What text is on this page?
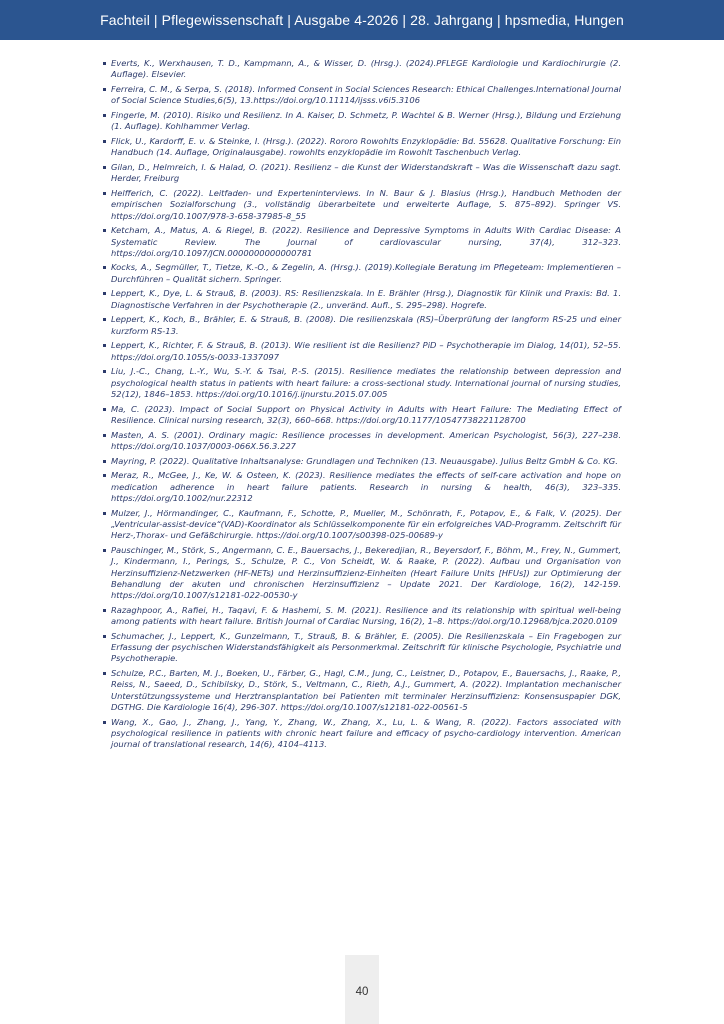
Fachteil | Pflegewissenschaft | Ausgabe 4-2026 | 28. Jahrgang | hpsmedia, Hungen
Everts, K., Werxhausen, T. D., Kampmann, A., & Wisser, D. (Hrsg.). (2024).PFLEGE Kardiologie und Kardiochirurgie (2. Auflage). Elsevier.
Ferreira, C. M., & Serpa, S. (2018). Informed Consent in Social Sciences Research: Ethical Challenges.International Journal of Social Science Studies,6(5), 13.https://doi.org/10.11114/ijsss.v6i5.3106
Fingerle, M. (2010). Risiko und Resilienz. In A. Kaiser, D. Schmetz, P. Wachtel & B. Werner (Hrsg.), Bildung und Erziehung (1. Auflage). Kohlhammer Verlag.
Flick, U., Kardorff, E. v. & Steinke, I. (Hrsg.). (2022). Rororo Rowohlts Enzyklopädie: Bd. 55628. Qualitative Forschung: Ein Handbuch (14. Auflage, Originalausgabe). rowohlts enzyklopädie im Rowohlt Taschenbuch Verlag.
Gilan, D., Helmreich, I. & Halad, O. (2021). Resilienz – die Kunst der Widerstandskraft – Was die Wissenschaft dazu sagt. Herder, Freiburg
Helfferich, C. (2022). Leitfaden- und Experteninterviews. In N. Baur & J. Blasius (Hrsg.), Handbuch Methoden der empirischen Sozialforschung (3., vollständig überarbeitete und erweiterte Auflage, S. 875–892). Springer VS. https://doi.org/10.1007/978-3-658-37985-8_55
Ketcham, A., Matus, A. & Riegel, B. (2022). Resilience and Depressive Symptoms in Adults With Cardiac Disease: A Systematic Review. The Journal of cardiovascular nursing, 37(4), 312–323. https://doi.org/10.1097/JCN.0000000000000781
Kocks, A., Segmüller, T., Tietze, K.-O., & Zegelin, A. (Hrsg.). (2019).Kollegiale Beratung im Pflegeteam: Implementieren – Durchführen – Qualität sichern. Springer.
Leppert, K., Dye, L. & Strauß, B. (2003). RS: Resilienzskala. In E. Brähler (Hrsg.), Diagnostik für Klinik und Praxis: Bd. 1. Diagnostische Verfahren in der Psychotherapie (2., unveränd. Aufl., S. 295–298). Hogrefe.
Leppert, K., Koch, B., Brähler, E. & Strauß, B. (2008). Die resilienzskala (RS)–Überprüfung der langform RS-25 und einer kurzform RS-13.
Leppert, K., Richter, F. & Strauß, B. (2013). Wie resilient ist die Resilienz? PiD – Psychotherapie im Dialog, 14(01), 52–55. https://doi.org/10.1055/s-0033-1337097
Liu, J.-C., Chang, L.-Y., Wu, S.-Y. & Tsai, P.-S. (2015). Resilience mediates the relationship between depression and psychological health status in patients with heart failure: a cross-sectional study. International journal of nursing studies, 52(12), 1846–1853. https://doi.org/10.1016/j.ijnurstu.2015.07.005
Ma, C. (2023). Impact of Social Support on Physical Activity in Adults with Heart Failure: The Mediating Effect of Resilience. Clinical nursing research, 32(3), 660–668. https://doi.org/10.1177/10547738221128700
Masten, A. S. (2001). Ordinary magic: Resilience processes in development. American Psychologist, 56(3), 227–238. https://doi.org/10.1037/0003-066X.56.3.227
Mayring, P. (2022). Qualitative Inhaltsanalyse: Grundlagen und Techniken (13. Neuausgabe). Julius Beltz GmbH & Co. KG.
Meraz, R., McGee, J., Ke, W. & Osteen, K. (2023). Resilience mediates the effects of self-care activation and hope on medication adherence in heart failure patients. Research in nursing & health, 46(3), 323–335. https://doi.org/10.1002/nur.22312
Mulzer, J., Hörmandinger, C., Kaufmann, F., Schotte, P., Mueller, M., Schönrath, F., Potapov, E., & Falk, V. (2025). Der „Ventricular-assist-device“(VAD)-Koordinator als Schlüsselkomponente für ein erfolgreiches VAD-Programm. Zeitschrift für Herz-,Thorax- und Gefäßchirurgie. https://doi.org/10.1007/s00398-025-00689-y
Pauschinger, M., Störk, S., Angermann, C. E., Bauersachs, J., Bekeredjian, R., Beyersdorf, F., Böhm, M., Frey, N., Gummert, J., Kindermann, I., Perings, S., Schulze, P. C., Von Scheidt, W. & Raake, P. (2022). Aufbau und Organisation von Herzinsuffizienz-Netzwerken (HF-NETs) und Herzinsuffizienz-Einheiten (Heart Failure Units [HFUs]) zur Optimierung der Behandlung der akuten und chronischen Herzinsuffizienz – Update 2021. Der Kardiologe, 16(2), 142-159. https://doi.org/10.1007/s12181-022-00530-y
Razaghpoor, A., Rafiei, H., Taqavi, F. & Hashemi, S. M. (2021). Resilience and its relationship with spiritual well-being among patients with heart failure. British Journal of Cardiac Nursing, 16(2), 1–8. https://doi.org/10.12968/bjca.2020.0109
Schumacher, J., Leppert, K., Gunzelmann, T., Strauß, B. & Brähler, E. (2005). Die Resilienzskala – Ein Fragebogen zur Erfassung der psychischen Widerstandsfähigkeit als Personmerkmal. Zeitschrift für klinische Psychologie, Psychiatrie und Psychotherapie.
Schulze, P.C., Barten, M. J., Boeken, U., Färber, G., Hagl, C.M., Jung, C., Leistner, D., Potapov, E., Bauersachs, J., Raake, P., Reiss, N., Saeed, D., Schibilsky, D., Störk, S., Veltmann, C., Rieth, A.J., Gummert, A. (2022). Implantation mechanischer Unterstützungssysteme und Herztransplantation bei Patienten mit terminaler Herzinsuffizienz: Konsensuspapier DGK, DGTHG. Die Kardiologie 16(4), 296-307. https://doi.org/10.1007/s12181-022-00561-5
Wang, X., Gao, J., Zhang, J., Yang, Y., Zhang, W., Zhang, X., Lu, L. & Wang, R. (2022). Factors associated with psychological resilience in patients with chronic heart failure and efficacy of psycho-cardiology intervention. American journal of translational research, 14(6), 4104–4113.
40
